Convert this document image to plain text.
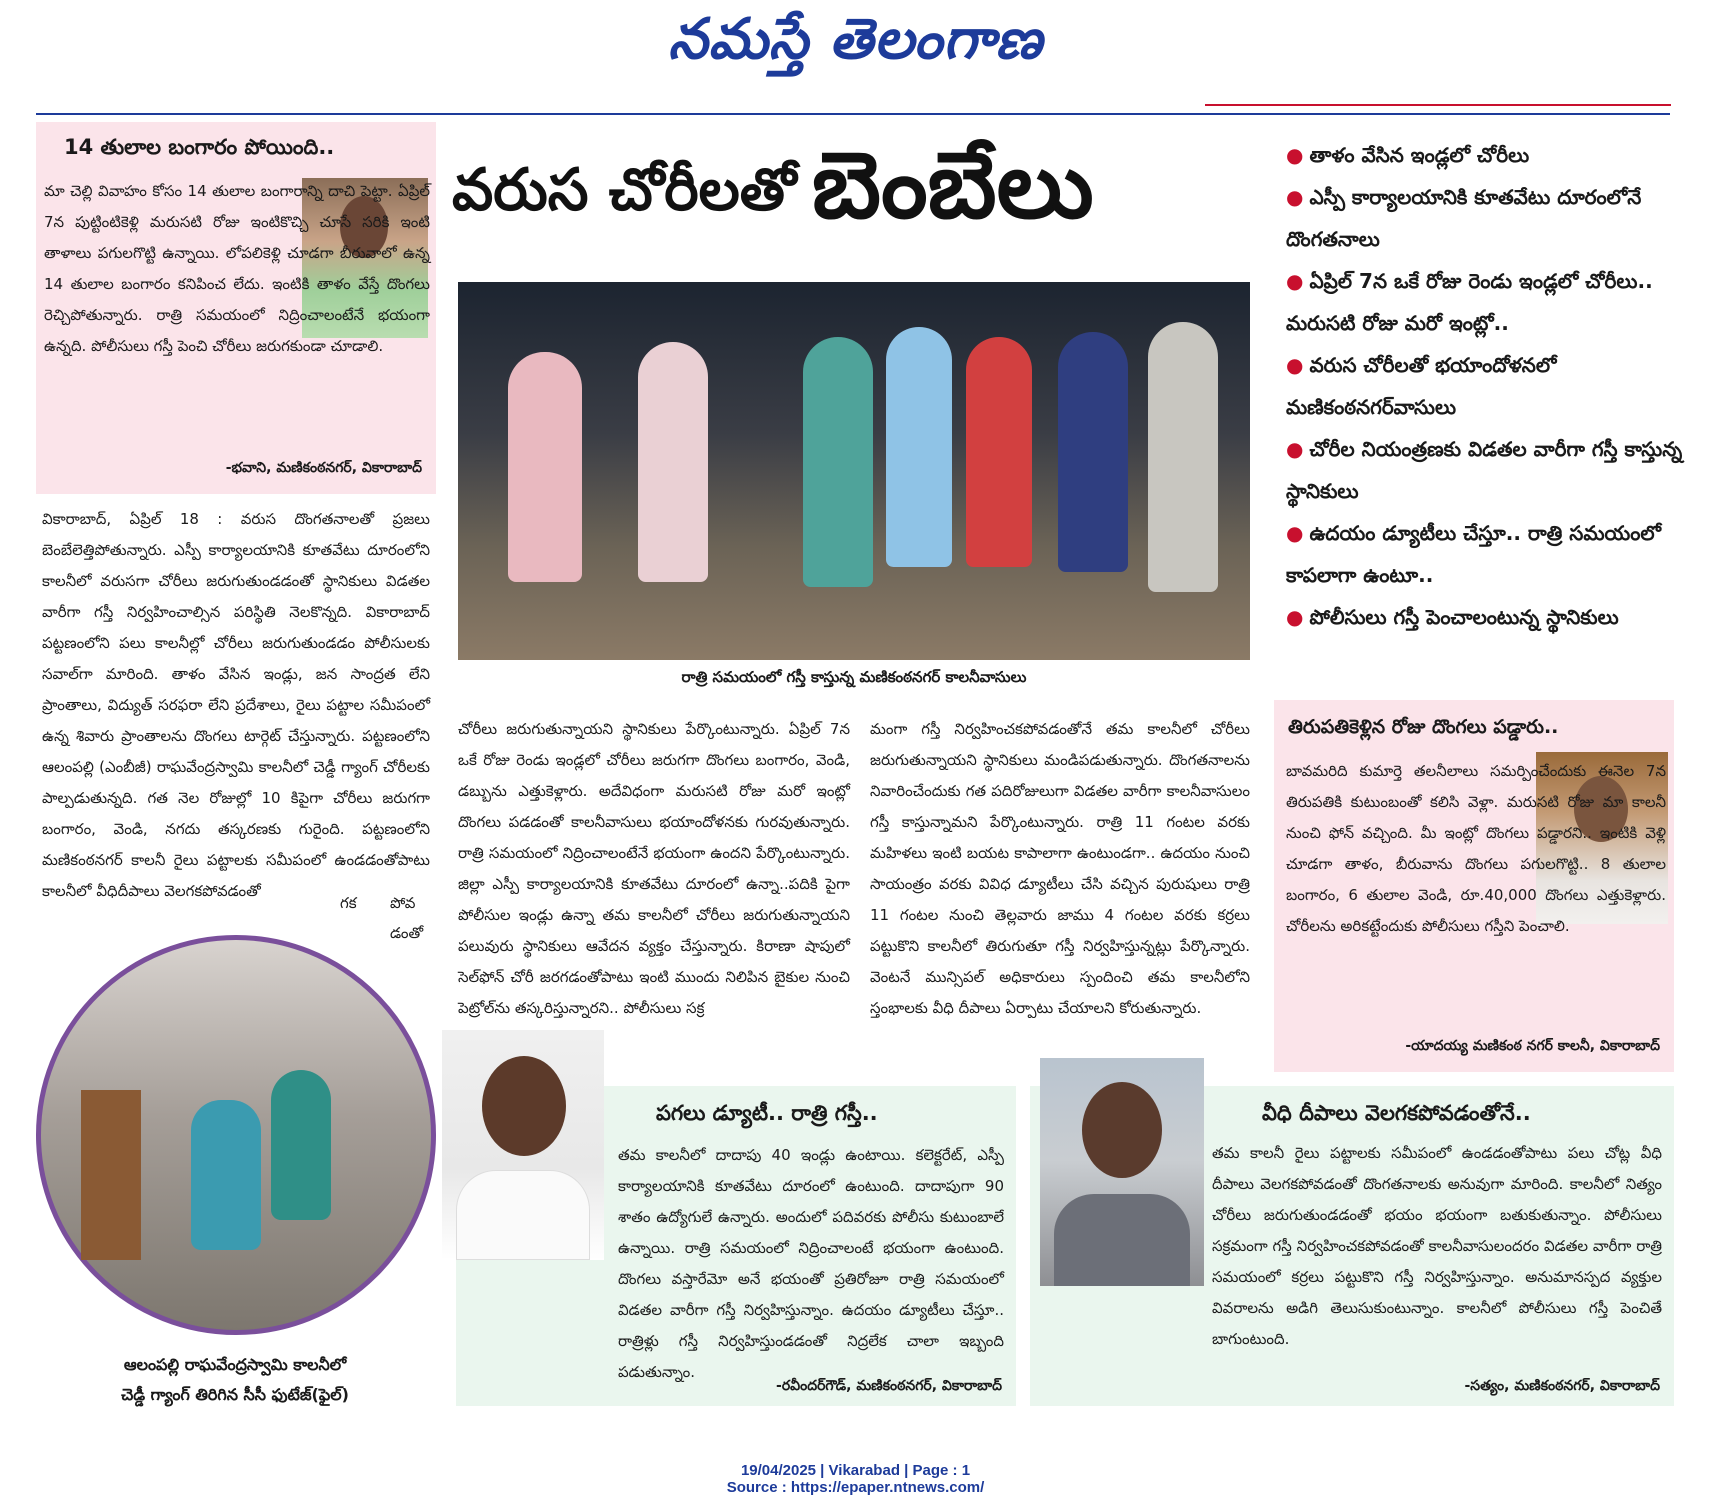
నమస్తే తెలంగాణ
14 తులాల బంగారం పోయింది..
మా చెల్లి వివాహం కోసం 14 తులాల బంగారాన్ని దాచి పెట్టా. ఏప్రిల్ 7న పుట్టింటికెళ్లి మరుసటి రోజు ఇంటికొచ్చి చూసే సరికి ఇంటి తాళాలు పగులగొట్టి ఉన్నాయి. లోపలికెళ్లి చూడగా బీరువాలో ఉన్న 14 తులాల బంగారం కనిపించ లేదు. ఇంటికి తాళం వేస్తే దొంగలు రెచ్చిపోతున్నారు. రాత్రి సమయంలో నిద్రించాలంటేనే భయంగా ఉన్నది. పోలీసులు గస్తీ పెంచి చోరీలు జరుగకుండా చూడాలి.
-భవాని, మణికంఠనగర్, వికారాబాద్
వికారాబాద్, ఏప్రిల్ 18 : వరుస దొంగతనాలతో ప్రజలు బెంబేలెత్తిపోతున్నారు. ఎస్పీ కార్యాలయానికి కూతవేటు దూరంలోని కాలనీలో వరుసగా చోరీలు జరుగుతుండడంతో స్థానికులు విడతల వారీగా గస్తీ నిర్వహించాల్సిన పరిస్థితి నెలకొన్నది. వికారాబాద్ పట్టణంలోని పలు కాలనీల్లో చోరీలు జరుగుతుండడం పోలీసులకు సవాల్‌గా మారింది. తాళం వేసిన ఇండ్లు, జన సాంద్రత లేని ప్రాంతాలు, విద్యుత్ సరఫరా లేని ప్రదేశాలు, రైలు పట్టాల సమీపంలో ఉన్న శివారు ప్రాంతాలను దొంగలు టార్గెట్ చేస్తున్నారు. పట్టణంలోని ఆలంపల్లి (ఎంబీజీ) రాఘవేంద్రస్వామి కాలనీలో చెడ్డీ గ్యాంగ్ చోరీలకు పాల్పడుతున్నది. గత నెల రోజుల్లో 10 కిపైగా చోరీలు జరుగగా బంగారం, వెండి, నగదు తస్కరణకు గురైంది. పట్టణంలోని మణికంఠనగర్ కాలనీ రైలు పట్టాలకు సమీపంలో ఉండడంతోపాటు కాలనీలో వీధిదీపాలు వెలగకపోవడంతో
గక	పోవ
డంతో
ఆలంపల్లి రాఘవేంద్రస్వామి కాలనీలో
చెడ్డీ గ్యాంగ్ తిరిగిన సీసీ ఫుటేజ్(ఫైల్)
వరుస చోరీలతో బెంబేలు
రాత్రి సమయంలో గస్తీ కాస్తున్న మణికంఠనగర్ కాలనీవాసులు
చోరీలు జరుగుతున్నాయని స్థానికులు పేర్కొంటున్నారు. ఏప్రిల్ 7న ఒకే రోజు రెండు ఇండ్లలో చోరీలు జరుగగా దొంగలు బంగారం, వెండి, డబ్బును ఎత్తుకెళ్లారు. అదేవిధంగా మరుసటి రోజు మరో ఇంట్లో దొంగలు పడడంతో కాలనీవాసులు భయాందోళనకు గురవుతున్నారు. రాత్రి సమయంలో నిద్రించాలంటేనే భయంగా ఉందని పేర్కొంటున్నారు. జిల్లా ఎస్పీ కార్యాలయానికి కూతవేటు దూరంలో ఉన్నా..పదికి పైగా పోలీసుల ఇండ్లు ఉన్నా తమ కాలనీలో చోరీలు జరుగుతున్నాయని పలువురు స్థానికులు ఆవేదన వ్యక్తం చేస్తున్నారు. కిరాణా షాపులో సెల్‌ఫోన్ చోరీ జరగడంతోపాటు ఇంటి ముందు నిలిపిన బైకుల నుంచి పెట్రోల్‌ను తస్కరిస్తున్నారని.. పోలీసులు సక్ర
మంగా గస్తీ నిర్వహించకపోవడంతోనే తమ కాలనీలో చోరీలు జరుగుతున్నాయని స్థానికులు మండిపడుతున్నారు. దొంగతనాలను నివారించేందుకు గత పదిరోజులుగా విడతల వారీగా కాలనీవాసులం గస్తీ కాస్తున్నామని పేర్కొంటున్నారు. రాత్రి 11 గంటల వరకు మహిళలు ఇంటి బయట కాపాలాగా ఉంటుండగా.. ఉదయం నుంచి సాయంత్రం వరకు వివిధ డ్యూటీలు చేసి వచ్చిన పురుషులు రాత్రి 11 గంటల నుంచి తెల్లవారు జాము 4 గంటల వరకు కర్రలు పట్టుకొని కాలనీలో తిరుగుతూ గస్తీ నిర్వహిస్తున్నట్లు పేర్కొన్నారు. వెంటనే మున్సిపల్ అధికారులు స్పందించి తమ కాలనీలోని స్తంభాలకు వీధి దీపాలు ఏర్పాటు చేయాలని కోరుతున్నారు.
● తాళం వేసిన ఇండ్లలో చోరీలు
● ఎస్పీ కార్యాలయానికి కూతవేటు దూరంలోనే దొంగతనాలు
● ఏప్రిల్ 7న ఒకే రోజు రెండు ఇండ్లలో చోరీలు.. మరుసటి రోజు మరో ఇంట్లో..
● వరుస చోరీలతో భయాందోళనలో మణికంఠనగర్‌వాసులు
● చోరీల నియంత్రణకు విడతల వారీగా గస్తీ కాస్తున్న స్థానికులు
● ఉదయం డ్యూటీలు చేస్తూ.. రాత్రి సమయంలో కాపలాగా ఉంటూ..
● పోలీసులు గస్తీ పెంచాలంటున్న స్థానికులు
తిరుపతికెళ్లిన రోజు దొంగలు పడ్డారు..
బావమరిది కుమార్తె తలనీలాలు సమర్పించేందుకు ఈనెల 7న తిరుపతికి కుటుంబంతో కలిసి వెళ్లా. మరుసటి రోజు మా కాలనీ నుంచి ఫోన్ వచ్చింది. మీ ఇంట్లో దొంగలు పడ్డారని.. ఇంటికి వెళ్లి చూడగా తాళం, బీరువాను దొంగలు పగులగొట్టి.. 8 తులాల బంగారం, 6 తులాల వెండి, రూ.40,000 దొంగలు ఎత్తుకెళ్లారు. చోరీలను అరికట్టేందుకు పోలీసులు గస్తీని పెంచాలి.
-యాదయ్య మణికంఠ నగర్ కాలనీ, వికారాబాద్
పగలు డ్యూటీ.. రాత్రి గస్తీ..
తమ కాలనీలో దాదాపు 40 ఇండ్లు ఉంటాయి. కలెక్టరేట్, ఎస్పీ కార్యాలయానికి కూతవేటు దూరంలో ఉంటుంది. దాదాపుగా 90 శాతం ఉద్యోగులే ఉన్నారు. అందులో పదివరకు పోలీసు కుటుంబాలే ఉన్నాయి. రాత్రి సమయంలో నిద్రించాలంటే భయంగా ఉంటుంది. దొంగలు వస్తారేమో అనే భయంతో ప్రతిరోజూ రాత్రి సమయంలో విడతల వారీగా గస్తీ నిర్వహిస్తున్నాం. ఉదయం డ్యూటీలు చేస్తూ.. రాత్రిళ్లు గస్తీ నిర్వహిస్తుండడంతో నిద్రలేక చాలా ఇబ్బంది పడుతున్నాం.
-రవీందర్‌గౌడ్, మణికంఠనగర్, వికారాబాద్
వీధి దీపాలు వెలగకపోవడంతోనే..
తమ కాలనీ రైలు పట్టాలకు సమీపంలో ఉండడంతోపాటు పలు చోట్ల వీధి దీపాలు వెలగకపోవడంతో దొంగతనాలకు అనువుగా మారింది. కాలనీలో నిత్యం చోరీలు జరుగుతుండడంతో భయం భయంగా బతుకుతున్నాం. పోలీసులు సక్రమంగా గస్తీ నిర్వహించకపోవడంతో కాలనీవాసులందరం విడతల వారీగా రాత్రి సమయంలో కర్రలు పట్టుకొని గస్తీ నిర్వహిస్తున్నాం. అనుమానస్పద వ్యక్తుల వివరాలను అడిగి తెలుసుకుంటున్నాం. కాలనీలో పోలీసులు గస్తీ పెంచితే బాగుంటుంది.
-సత్యం, మణికంఠనగర్, వికారాబాద్
19/04/2025 | Vikarabad | Page : 1
Source : https://epaper.ntnews.com/
